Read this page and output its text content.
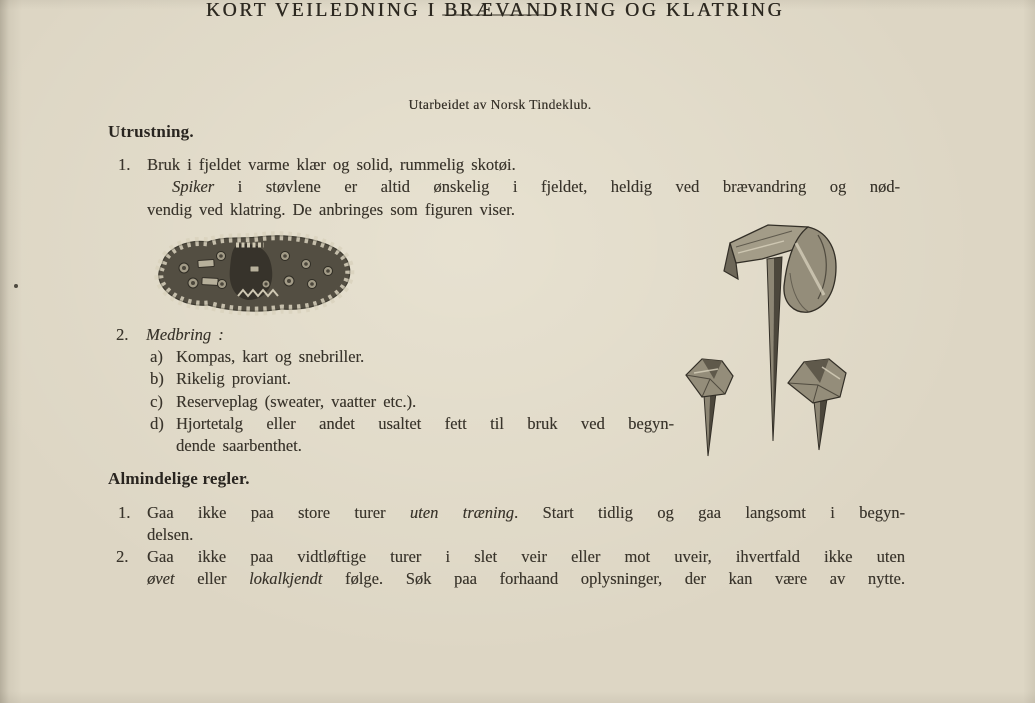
KORT VEILEDNING I BRÆVANDRING OG KLATRING
Utarbeidet av Norsk Tindeklub.
Utrustning.
1. Bruk i fjeldet varme klær og solid, rummelig skotøi.
Spiker i støvlene er altid ønskelig i fjeldet, heldig ved brævandring og nød-
vendig ved klatring. De anbringes som figuren viser.
2. Medbring :
a) Kompas, kart og snebriller.
b) Rikelig proviant.
c) Reserveplag (sweater, vaatter etc.).
d) Hjortetalg eller andet usaltet fett til bruk ved begyn-
dende saarbenthet.
Almindelige regler.
1. Gaa ikke paa store turer uten træning. Start tidlig og gaa langsomt i begyn-
delsen.
2. Gaa ikke paa vidtløftige turer i slet veir eller mot uveir, ihvertfald ikke uten
øvet eller lokalkjendt følge. Søk paa forhaand oplysninger, der kan være av nytte.
